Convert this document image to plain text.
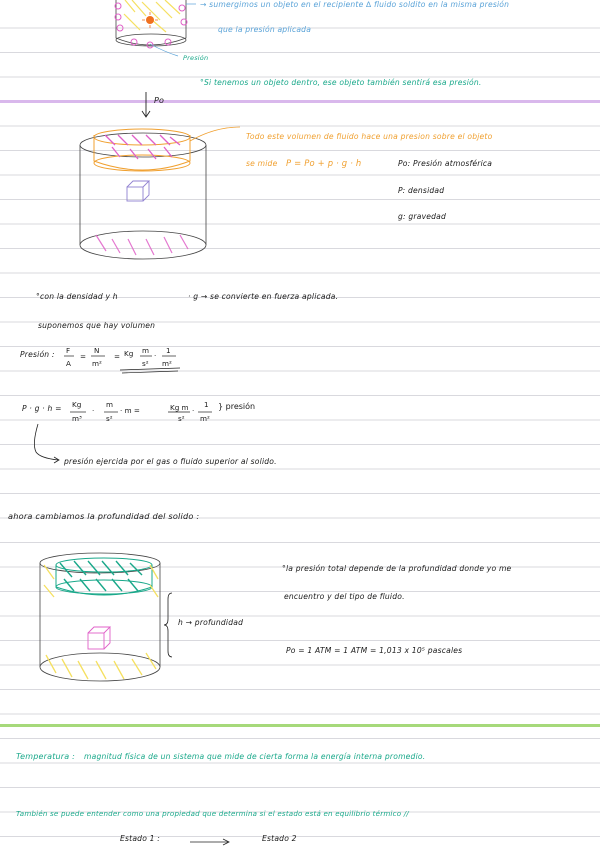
→ sumergimos un objeto en el recipiente ∆ fluido soldito en la misma presión
que la presión aplicada
Presión
°Si tenemos un objeto dentro, ese objeto también sentirá esa presión.
Po
Todo este volumen de fluido hace una presion sobre el objeto
se mide P = Po + p · g · h	Po: Presión atmosférica
P: densidad
g: gravedad
°con la densidad y h	· g → se convierte en fuerza aplicada.
suponemos que hay volumen
Presión : F
A
=
N
m²
= Kg m
s²
·
1
m²
P · g · h = Kg
m³
·
m
s²
· m =	Kg m
s²
·
1
m²
} presión
presión ejercida por el gas o fluido superior al solido.
ahora cambiamos la profundidad del solido :
h → profundidad
°la presión total depende de la profundidad donde yo me
encuentro y del tipo de fluido.
Po = 1 ATM = 1 ATM = 1,013 x 10⁵ pascales
Temperatura : magnitud física de un sistema que mide de cierta forma la energía interna promedio.
También se puede entender como una propiedad que determina si el estado está en equilibrio térmico //
Estado 1 :	Estado 2
